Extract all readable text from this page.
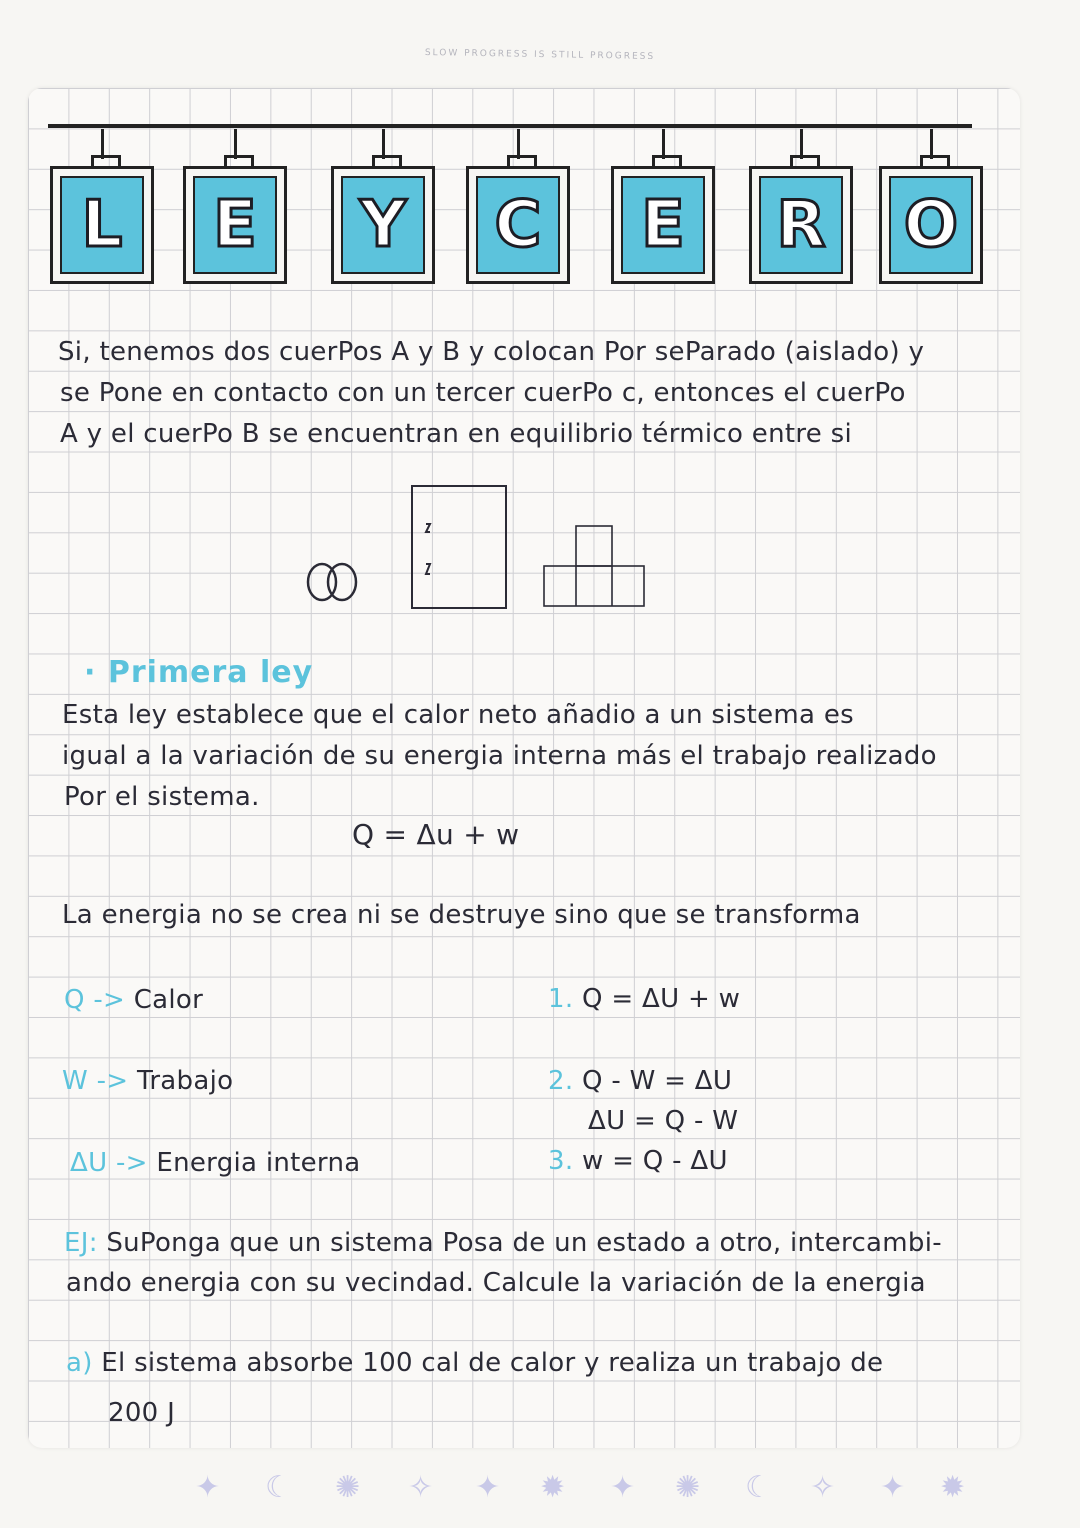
SLOW PROGRESS IS STILL PROGRESS
L E Y C E R O
Si, tenemos dos cuerPos A y B y colocan Por seParado (aislado) y
se Pone en contacto con un tercer cuerPo c, entonces el cuerPo
A y el cuerPo B se encuentran en equilibrio térmico entre si
· Primera ley
Esta ley establece que el calor neto añadio a un sistema es
igual a la variación de su energia interna más el trabajo realizado
Por el sistema.
Q = Δu + w
La energia no se crea ni se destruye sino que se transforma
Q -> Calor
W -> Trabajo
ΔU -> Energia interna
1. Q = ΔU + w
2. Q - W = ΔU
ΔU = Q - W
3. w = Q - ΔU
EJ: SuPonga que un sistema Posa de un estado a otro, intercambi-
ando energia con su vecindad. Calcule la variación de la energia
a) El sistema absorbe 100 cal de calor y realiza un trabajo de
200 J
✦ ☾ ✺ ✧ ✦ ✹ ✦ ✺ ☾ ✧ ✦ ✹
